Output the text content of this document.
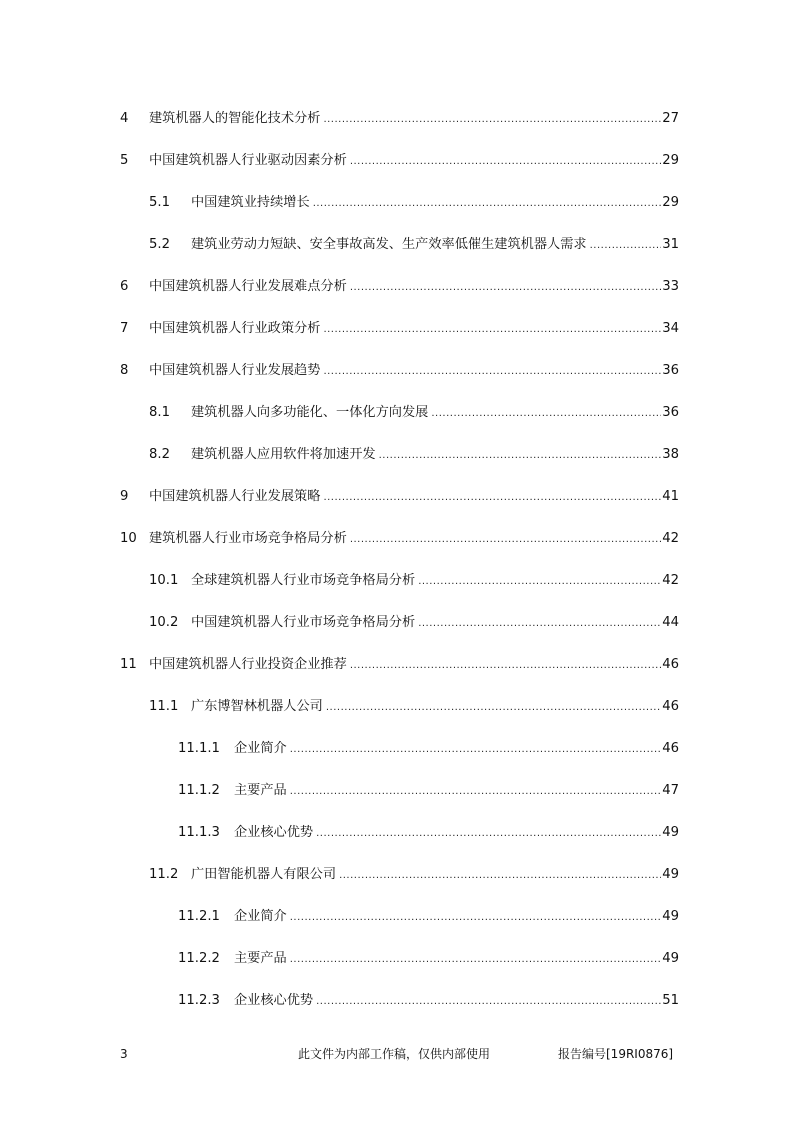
4 建筑机器人的智能化技术分析 .....	27
5 中国建筑机器人行业驱动因素分析 .....	29
5.1 中国建筑业持续增长 .....	29
5.2 建筑业劳动力短缺、安全事故高发、生产效率低催生建筑机器人需求 .....	31
6 中国建筑机器人行业发展难点分析 .....	33
7 中国建筑机器人行业政策分析 .....	34
8 中国建筑机器人行业发展趋势 .....	36
8.1 建筑机器人向多功能化、一体化方向发展 .....	36
8.2 建筑机器人应用软件将加速开发 .....	38
9 中国建筑机器人行业发展策略 .....	41
10 建筑机器人行业市场竞争格局分析 .....	42
10.1 全球建筑机器人行业市场竞争格局分析 .....	42
10.2 中国建筑机器人行业市场竞争格局分析 .....	44
11 中国建筑机器人行业投资企业推荐 .....	46
11.1 广东博智林机器人公司 .....	46
11.1.1 企业简介 .....	46
11.1.2 主要产品 .....	47
11.1.3 企业核心优势 .....	49
11.2 广田智能机器人有限公司 .....	49
11.2.1 企业简介 .....	49
11.2.2 主要产品 .....	49
11.2.3 企业核心优势 .....	51
3	此文件为内部工作稿，仅供内部使用	报告编号[19RI0876]
